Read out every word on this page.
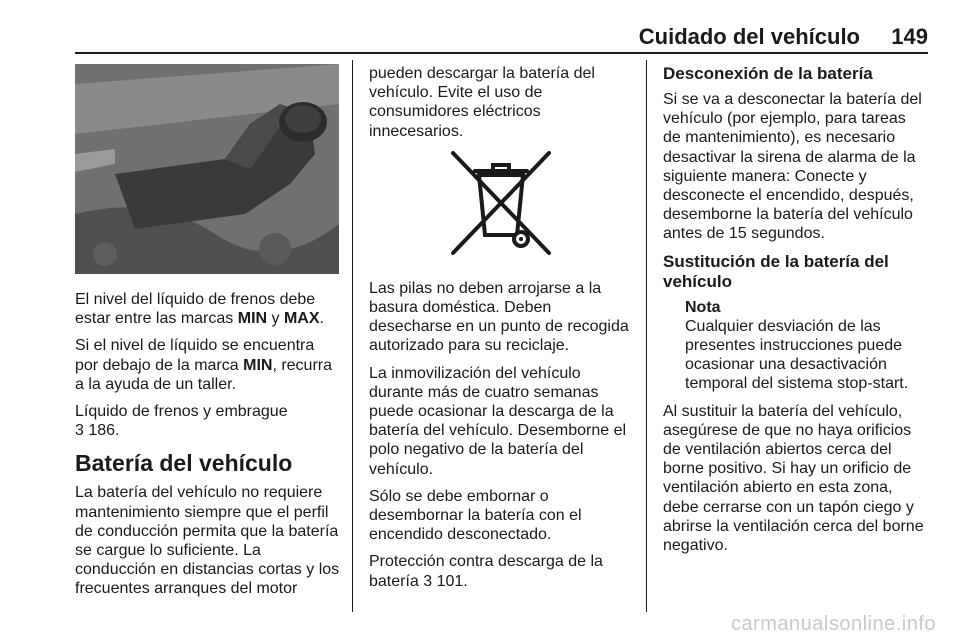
Cuidado del vehículo	149

El nivel del líquido de frenos debe estar entre las marcas MIN y MAX.

Si el nivel de líquido se encuentra por debajo de la marca MIN, recurra a la ayuda de un taller.

Líquido de frenos y embrague
3 186.

Batería del vehículo

La batería del vehículo no requiere mantenimiento siempre que el perfil de conducción permita que la batería se cargue lo suficiente. La conducción en distancias cortas y los frecuentes arranques del motor

pueden descargar la batería del vehículo. Evite el uso de consumidores eléctricos innecesarios.

Las pilas no deben arrojarse a la basura doméstica. Deben desecharse en un punto de recogida autorizado para su reciclaje.

La inmovilización del vehículo durante más de cuatro semanas puede ocasionar la descarga de la batería del vehículo. Desemborne el polo negativo de la batería del vehículo.

Sólo se debe embornar o desembornar la batería con el encendido desconectado.

Protección contra descarga de la batería 3 101.

Desconexión de la batería

Si se va a desconectar la batería del vehículo (por ejemplo, para tareas de mantenimiento), es necesario desactivar la sirena de alarma de la siguiente manera: Conecte y desconecte el encendido, después, desemborne la batería del vehículo antes de 15 segundos.

Sustitución de la batería del vehículo
Nota
Cualquier desviación de las presentes instrucciones puede ocasionar una desactivación temporal del sistema stop-start.

Al sustituir la batería del vehículo, asegúrese de que no haya orificios de ventilación abiertos cerca del borne positivo. Si hay un orificio de ventilación abierto en esta zona, debe cerrarse con un tapón ciego y abrirse la ventilación cerca del borne negativo.

carmanualsonline.info
